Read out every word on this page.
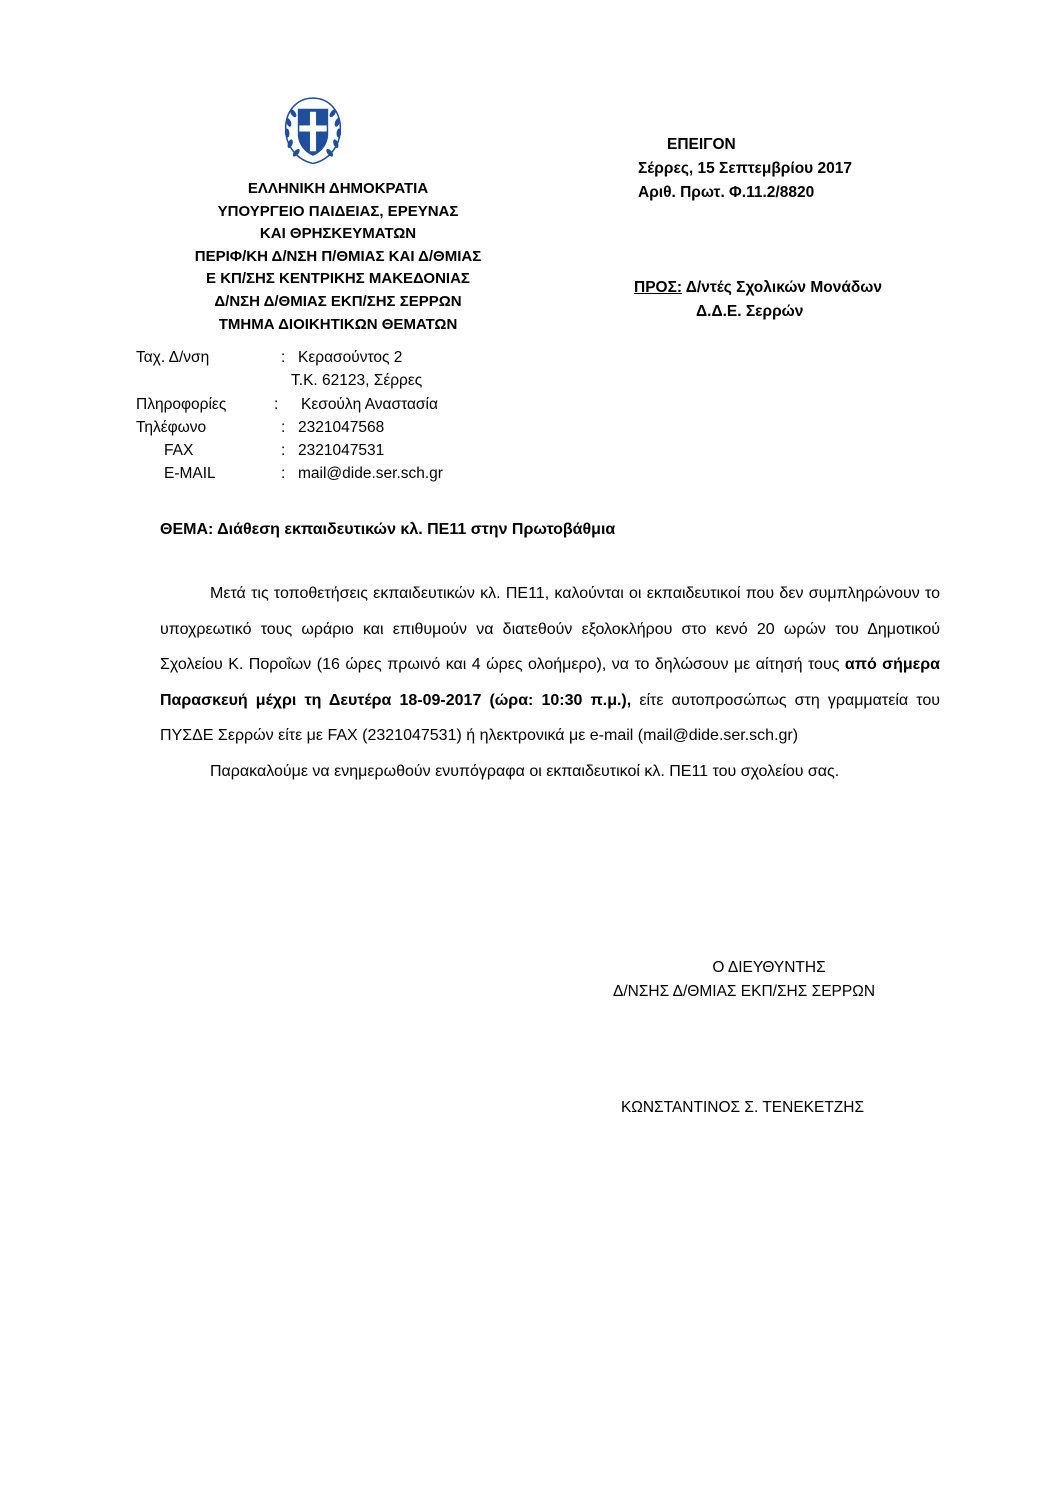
ΕΛΛΗΝΙΚΗ ΔΗΜΟΚΡΑΤΙΑ
ΥΠΟΥΡΓΕΙΟ ΠΑΙΔΕΙΑΣ, ΕΡΕΥΝΑΣ
ΚΑΙ ΘΡΗΣΚΕΥΜΑΤΩΝ
ΠΕΡΙΦ/ΚΗ Δ/ΝΣΗ Π/ΘΜΙΑΣ ΚΑΙ Δ/ΘΜΙΑΣ
Ε ΚΠ/ΣΗΣ ΚΕΝΤΡΙΚΗΣ ΜΑΚΕΔΟΝΙΑΣ
Δ/ΝΣΗ Δ/ΘΜΙΑΣ ΕΚΠ/ΣΗΣ ΣΕΡΡΩΝ
ΤΜΗΜΑ ΔΙΟΙΚΗΤΙΚΩΝ ΘΕΜΑΤΩΝ
Ταχ. Δ/νση	: Κερασούντος 2
Τ.Κ. 62123, Σέρρες
Πληροφορίες	: Κεσούλη Αναστασία
Τηλέφωνο	: 2321047568
FAX	: 2321047531
E-MAIL	: mail@dide.ser.sch.gr
ΕΠΕΙΓΟΝ
Σέρρες, 15 Σεπτεμβρίου 2017
Αριθ. Πρωτ. Φ.11.2/8820
ΠΡΟΣ: Δ/ντές Σχολικών Μονάδων
Δ.Δ.Ε. Σερρών
ΘΕΜΑ: Διάθεση εκπαιδευτικών κλ. ΠΕ11 στην Πρωτοβάθμια

Μετά τις τοποθετήσεις εκπαιδευτικών κλ. ΠΕ11, καλούνται οι εκπαιδευτικοί που δεν συμπληρώνουν το υποχρεωτικό τους ωράριο και επιθυμούν να διατεθούν εξολοκλήρου στο κενό 20 ωρών του Δημοτικού Σχολείου Κ. Ποροΐων (16 ώρες πρωινό και 4 ώρες ολοήμερο), να το δηλώσουν με αίτησή τους από σήμερα Παρασκευή μέχρι τη Δευτέρα 18-09-2017 (ώρα: 10:30 π.μ.), είτε αυτοπροσώπως στη γραμματεία του ΠΥΣΔΕ Σερρών είτε με FAX (2321047531) ή ηλεκτρονικά με e-mail (mail@dide.ser.sch.gr)

Παρακαλούμε να ενημερωθούν ενυπόγραφα οι εκπαιδευτικοί κλ. ΠΕ11 του σχολείου σας.

Ο ΔΙΕΥΘΥΝΤΗΣ
Δ/ΝΣΗΣ Δ/ΘΜΙΑΣ ΕΚΠ/ΣΗΣ ΣΕΡΡΩΝ
ΚΩΝΣΤΑΝΤΙΝΟΣ Σ. ΤΕΝΕΚΕΤΖΗΣ
